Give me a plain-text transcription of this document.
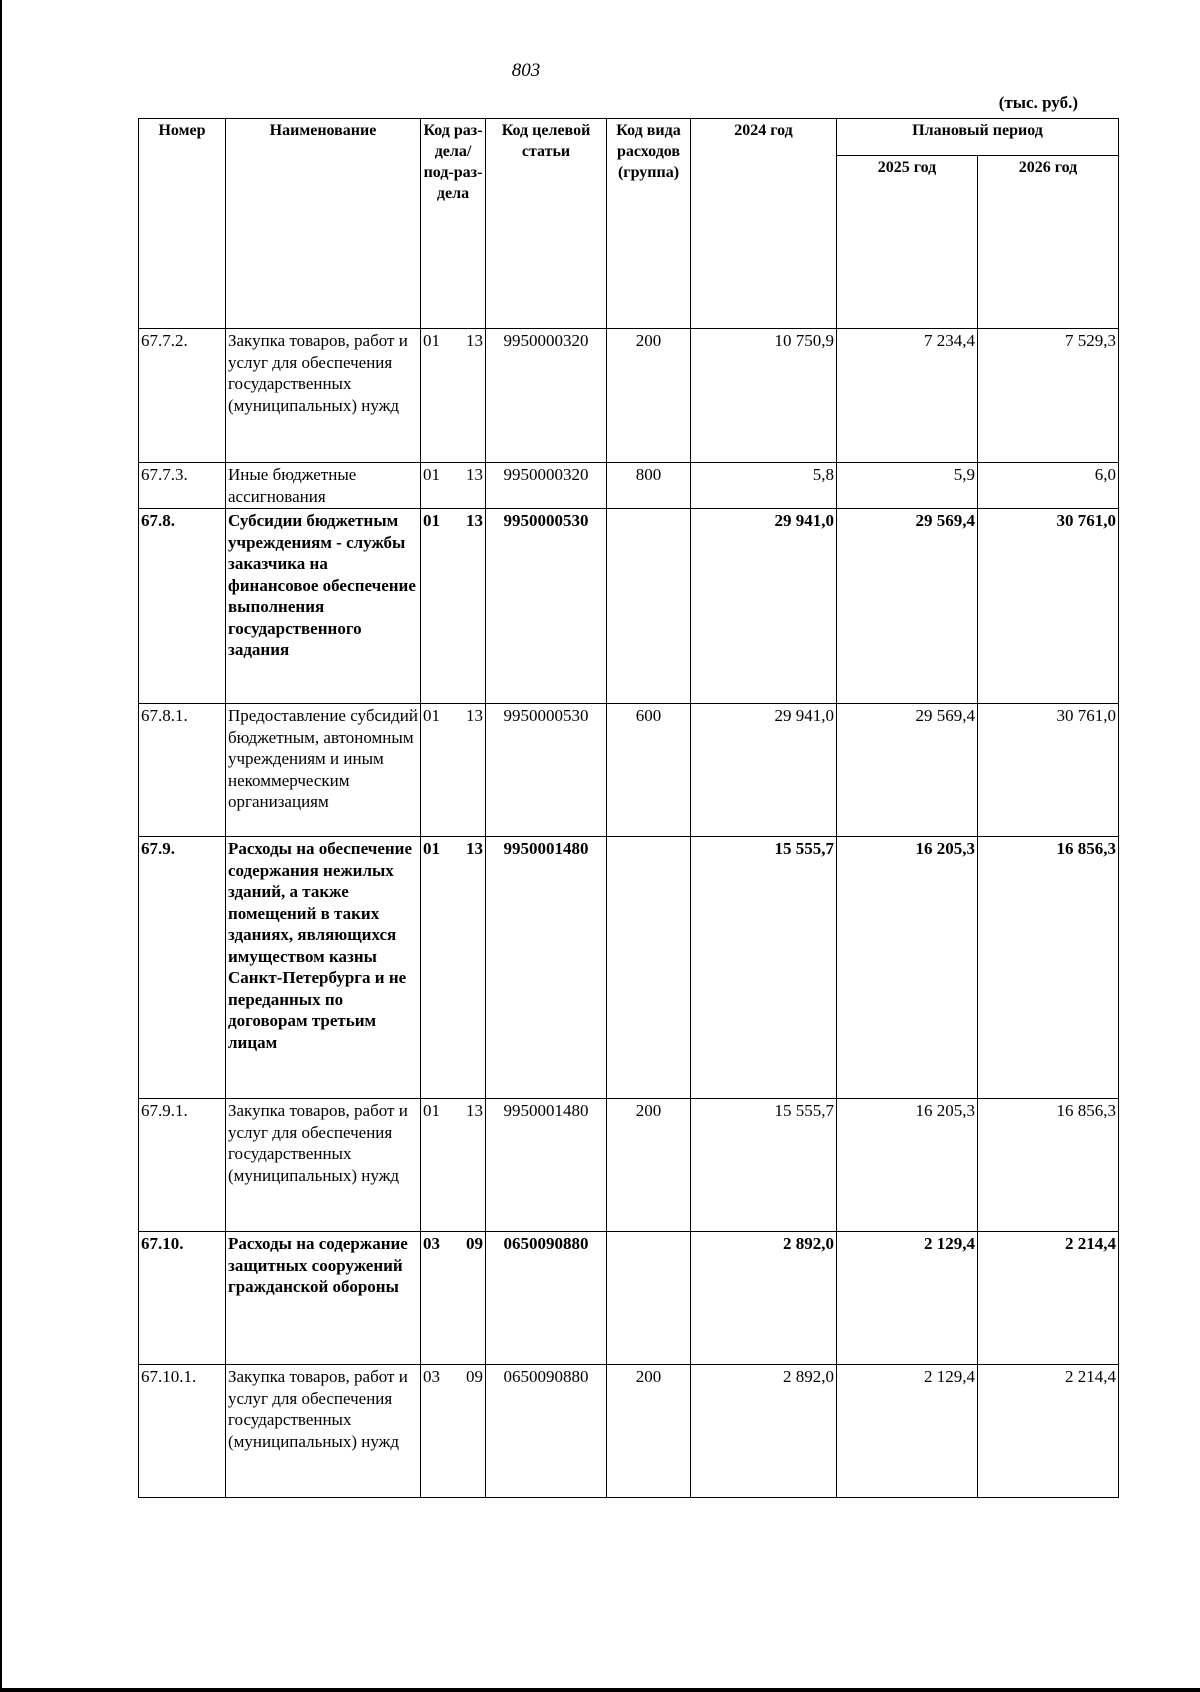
803
(тыс. руб.)
Номер	Наименование	Код раз-дела/ под-раз-дела	Код целевой статьи	Код вида расходов (группа)	2024 год	Плановый период	
						2025 год	2026 год
67.7.2.	Закупка товаров, работ и услуг для обеспечения государственных (муниципальных) нужд	01 13	9950000320	200	10 750,9	7 234,4	7 529,3
67.7.3.	Иные бюджетные ассигнования	01 13	9950000320	800	5,8	5,9	6,0
67.8.	Субсидии бюджетным учреждениям - службы заказчика на финансовое обеспечение выполнения государственного задания	01 13	9950000530		29 941,0	29 569,4	30 761,0
67.8.1.	Предоставление субсидий бюджетным, автономным учреждениям и иным некоммерческим организациям	01 13	9950000530	600	29 941,0	29 569,4	30 761,0
67.9.	Расходы на обеспечение содержания нежилых зданий, а также помещений в таких зданиях, являющихся имуществом казны Санкт-Петербурга и не переданных по договорам третьим лицам	01 13	9950001480		15 555,7	16 205,3	16 856,3
67.9.1.	Закупка товаров, работ и услуг для обеспечения государственных (муниципальных) нужд	01 13	9950001480	200	15 555,7	16 205,3	16 856,3
67.10.	Расходы на содержание защитных сооружений гражданской обороны	03 09	0650090880		2 892,0	2 129,4	2 214,4
67.10.1.	Закупка товаров, работ и услуг для обеспечения государственных (муниципальных) нужд	03 09	0650090880	200	2 892,0	2 129,4	2 214,4
